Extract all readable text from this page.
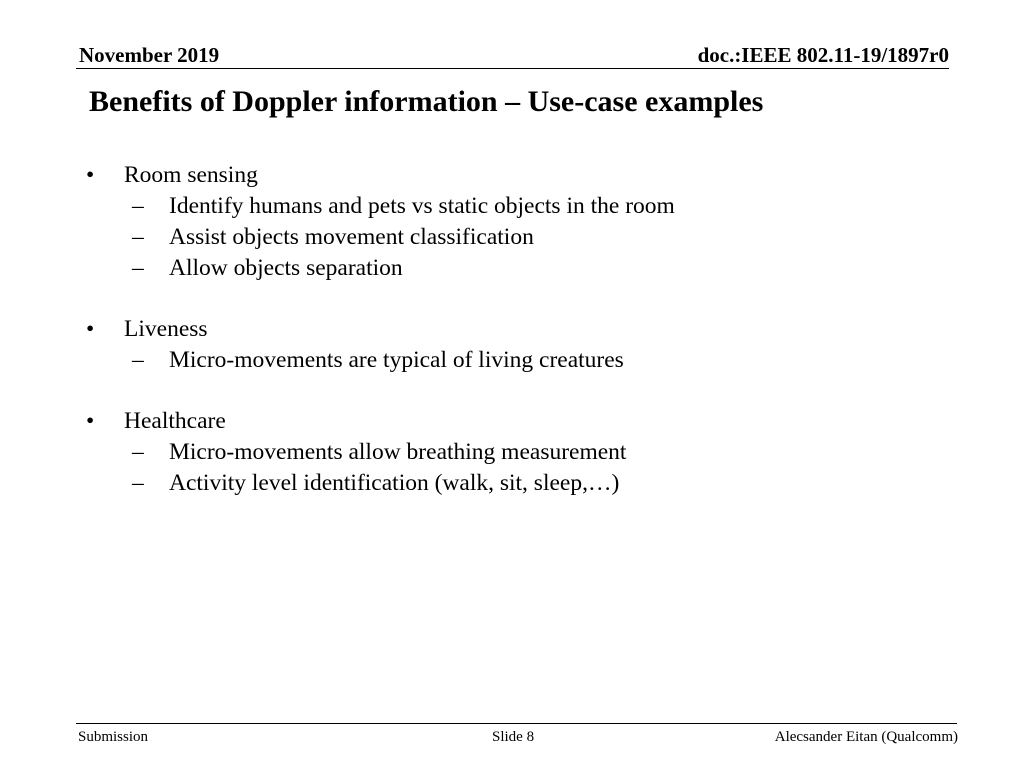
November 2019	doc.:IEEE 802.11-19/1897r0
Benefits of Doppler information – Use-case examples
• Room sensing
– Identify humans and pets vs static objects in the room
– Assist objects movement classification
– Allow objects separation
• Liveness
– Micro-movements are typical of living creatures
• Healthcare
– Micro-movements allow breathing measurement
– Activity level identification (walk, sit, sleep,…)
Submission	Slide 8	Alecsander Eitan (Qualcomm)
